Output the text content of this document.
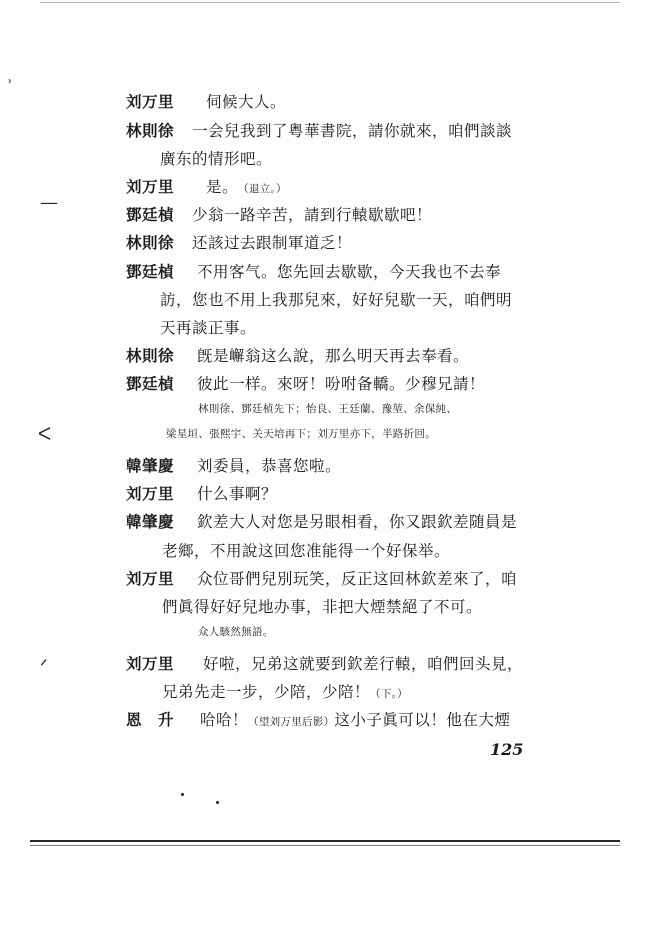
ʾ
—
ᐸ
ᐟ
刘万里 伺候大人。
林則徐 一会兒我到了粤華書院，請你就來，咱們談談
廣东的情形吧。
刘万里 是。（退立。）
鄧廷楨 少翁一路辛苦，請到行轅歇歇吧！
林則徐 还該过去跟制軍道乏！
鄧廷楨 不用客气。您先回去歇歇，今天我也不去奉
訪，您也不用上我那兒來，好好兒歇一天，咱們明
天再談正事。
林則徐 旣是嶰翁这么說，那么明天再去奉看。
鄧廷楨 彼此一样。來呀！吩咐备轎。少穆兄請！
林則徐、鄧廷楨先下；怡良、王廷蘭、豫堃、余保純、
梁星垣、張熙宇、关天培再下；刘万里亦下，半路折回。
韓肇慶 刘委員，恭喜您啦。
刘万里 什么事啊？
韓肇慶 欽差大人对您是另眼相看，你又跟欽差随員是
老鄉，不用說这回您准能得一个好保举。
刘万里 众位哥們兒別玩笑，反正这回林欽差來了，咱
們眞得好好兒地办事，非把大煙禁絕了不可。
众人駭然無語。
刘万里 好啦，兄弟这就要到欽差行轅，咱們回头見，
兄弟先走一步，少陪，少陪！（下。）
恩　升 哈哈！（望刘万里后影）这小子眞可以！他在大煙
125
